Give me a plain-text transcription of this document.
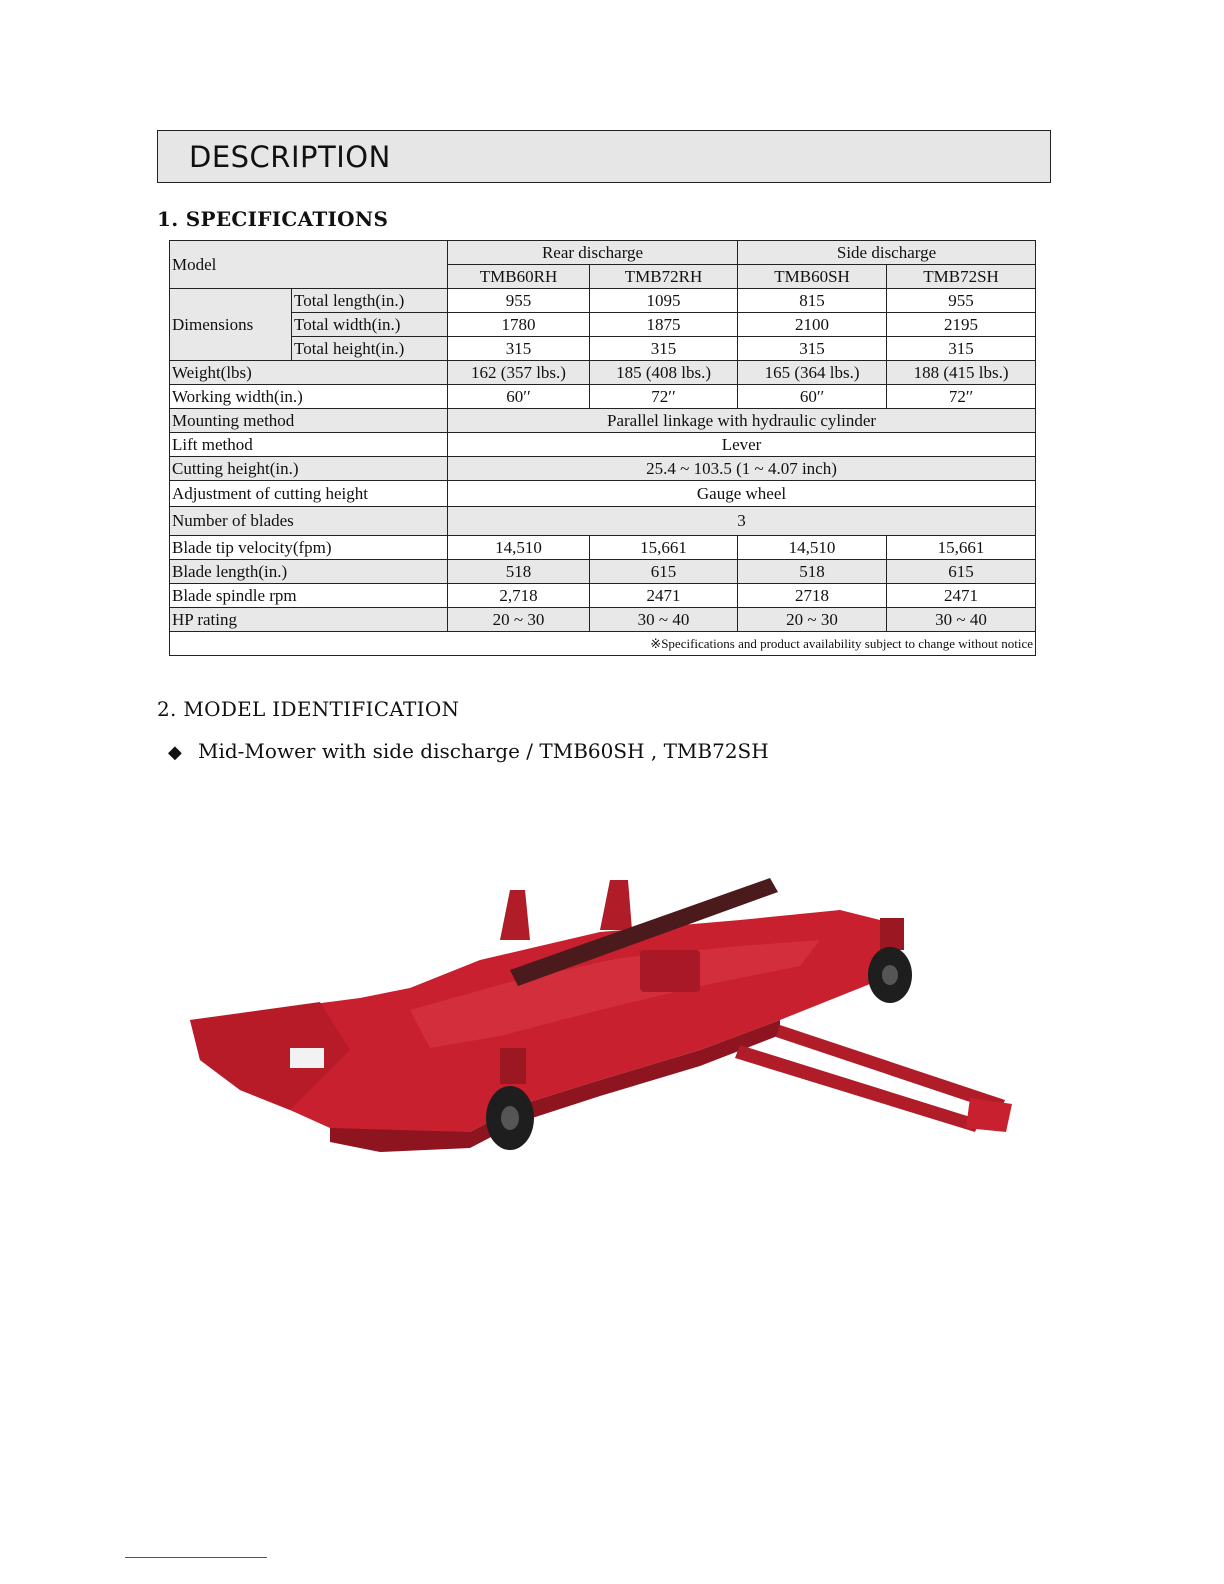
DESCRIPTION
1. SPECIFICATIONS
Model		Rear discharge		Side discharge	
		TMB60RH	TMB72RH	TMB60SH	TMB72SH
Dimensions	Total length(in.)	955	1095	815	955
	Total width(in.)	1780	1875	2100	2195
	Total height(in.)	315	315	315	315
Weight(lbs)		162 (357 lbs.)	185 (408 lbs.)	165 (364 lbs.)	188 (415 lbs.)
Working width(in.)		60′′	72′′	60′′	72′′
Mounting method		Parallel linkage with hydraulic cylinder			
Lift method		Lever			
Cutting height(in.)		25.4 ~ 103.5 (1 ~ 4.07 inch)			
Adjustment of cutting height		Gauge wheel			
Number of blades		3			
Blade tip velocity(fpm)		14,510	15,661	14,510	15,661
Blade length(in.)		518	615	518	615
Blade spindle rpm		2,718	2471	2718	2471
HP rating		20 ~ 30	30 ~ 40	20 ~ 30	30 ~ 40
※Specifications and product availability subject to change without notice					
2. MODEL IDENTIFICATION
◆ Mid-Mower with side discharge / TMB60SH , TMB72SH
